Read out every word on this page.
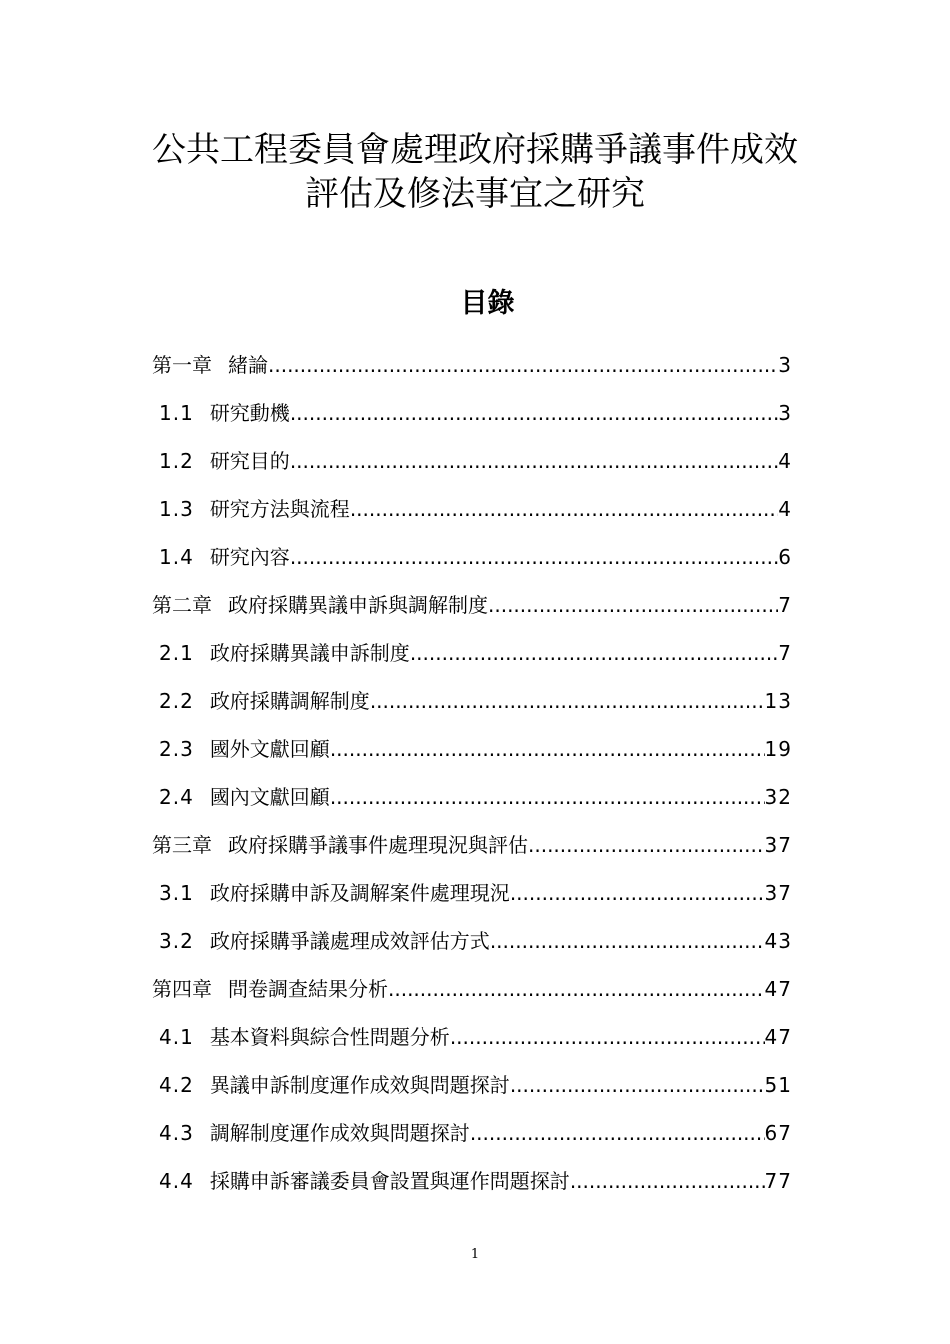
公共工程委員會處理政府採購爭議事件成效
評估及修法事宜之研究
目錄
第一章 緒論 .....	3
1.1 研究動機 .....	3
1.2 研究目的 .....	4
1.3 研究方法與流程 .....	4
1.4 研究內容 .....	6
第二章 政府採購異議申訴與調解制度 .....	7
2.1 政府採購異議申訴制度 .....	7
2.2 政府採購調解制度 .....	13
2.3 國外文獻回顧 .....	19
2.4 國內文獻回顧 .....	32
第三章 政府採購爭議事件處理現況與評估 .....	37
3.1 政府採購申訴及調解案件處理現況 .....	37
3.2 政府採購爭議處理成效評估方式 .....	43
第四章 問卷調查結果分析 .....	47
4.1 基本資料與綜合性問題分析 .....	47
4.2 異議申訴制度運作成效與問題探討 .....	51
4.3 調解制度運作成效與問題探討 .....	67
4.4 採購申訴審議委員會設置與運作問題探討 .....	77
1
